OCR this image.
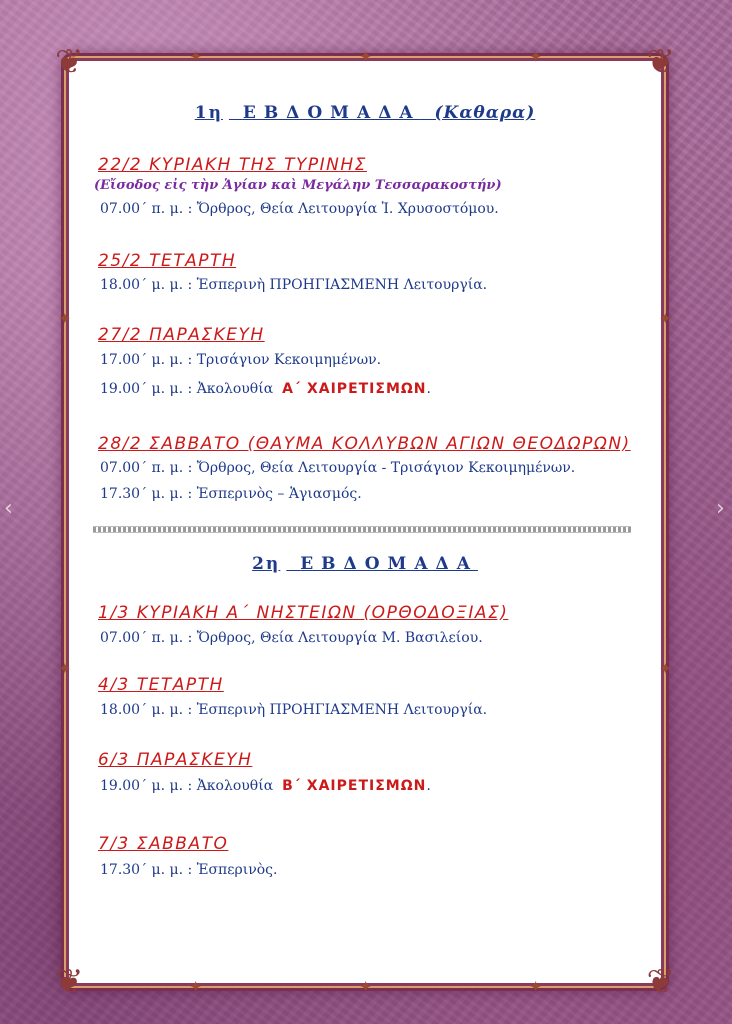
‹	›
❦	❦
❦	❦
✦	✦	✦
✦	✦	✦
✦
✦
✦
✦
1η ΕΒΔΟΜΑΔΑ (Καθαρα)
22/2 ΚΥΡΙΑΚΗ ΤΗΣ ΤΥΡΙΝΗΣ
(Εἴσοδος εἰς τὴν Ἁγίαν καὶ Μεγάλην Τεσσαρακοστήν)
07.00΄ π. μ. : Ὄρθρος, Θεία Λειτουργία Ἰ. Χρυσοστόμου.
25/2 ΤΕΤΑΡΤΗ
18.00΄ μ. μ. : Ἑσπερινὴ ΠΡΟΗΓΙΑΣΜΕΝΗ Λειτουργία.
27/2 ΠΑΡΑΣΚΕΥΗ
17.00΄ μ. μ. : Τρισάγιον Κεκοιμημένων.
19.00΄ μ. μ. : Ἀκολουθία Α΄ ΧΑΙΡΕΤΙΣΜΩΝ.
28/2 ΣΑΒΒΑΤΟ (ΘΑΥΜΑ ΚΟΛΛΥΒΩΝ ΑΓΙΩΝ ΘΕΟΔΩΡΩΝ)
07.00΄ π. μ. : Ὄρθρος, Θεία Λειτουργία - Τρισάγιον Κεκοιμημένων.
17.30΄ μ. μ. : Ἑσπερινὸς – Ἁγιασμός.
2η ΕΒΔΟΜΑΔΑ
1/3 ΚΥΡΙΑΚΗ Α΄ ΝΗΣΤΕΙΩΝ (ΟΡΘΟΔΟΞΙΑΣ)
07.00΄ π. μ. : Ὄρθρος, Θεία Λειτουργία Μ. Βασιλείου.
4/3 ΤΕΤΑΡΤΗ
18.00΄ μ. μ. : Ἑσπερινὴ ΠΡΟΗΓΙΑΣΜΕΝΗ Λειτουργία.
6/3 ΠΑΡΑΣΚΕΥΗ
19.00΄ μ. μ. : Ἀκολουθία Β΄ ΧΑΙΡΕΤΙΣΜΩΝ.
7/3 ΣΑΒΒΑΤΟ
17.30΄ μ. μ. : Ἑσπερινὸς.
